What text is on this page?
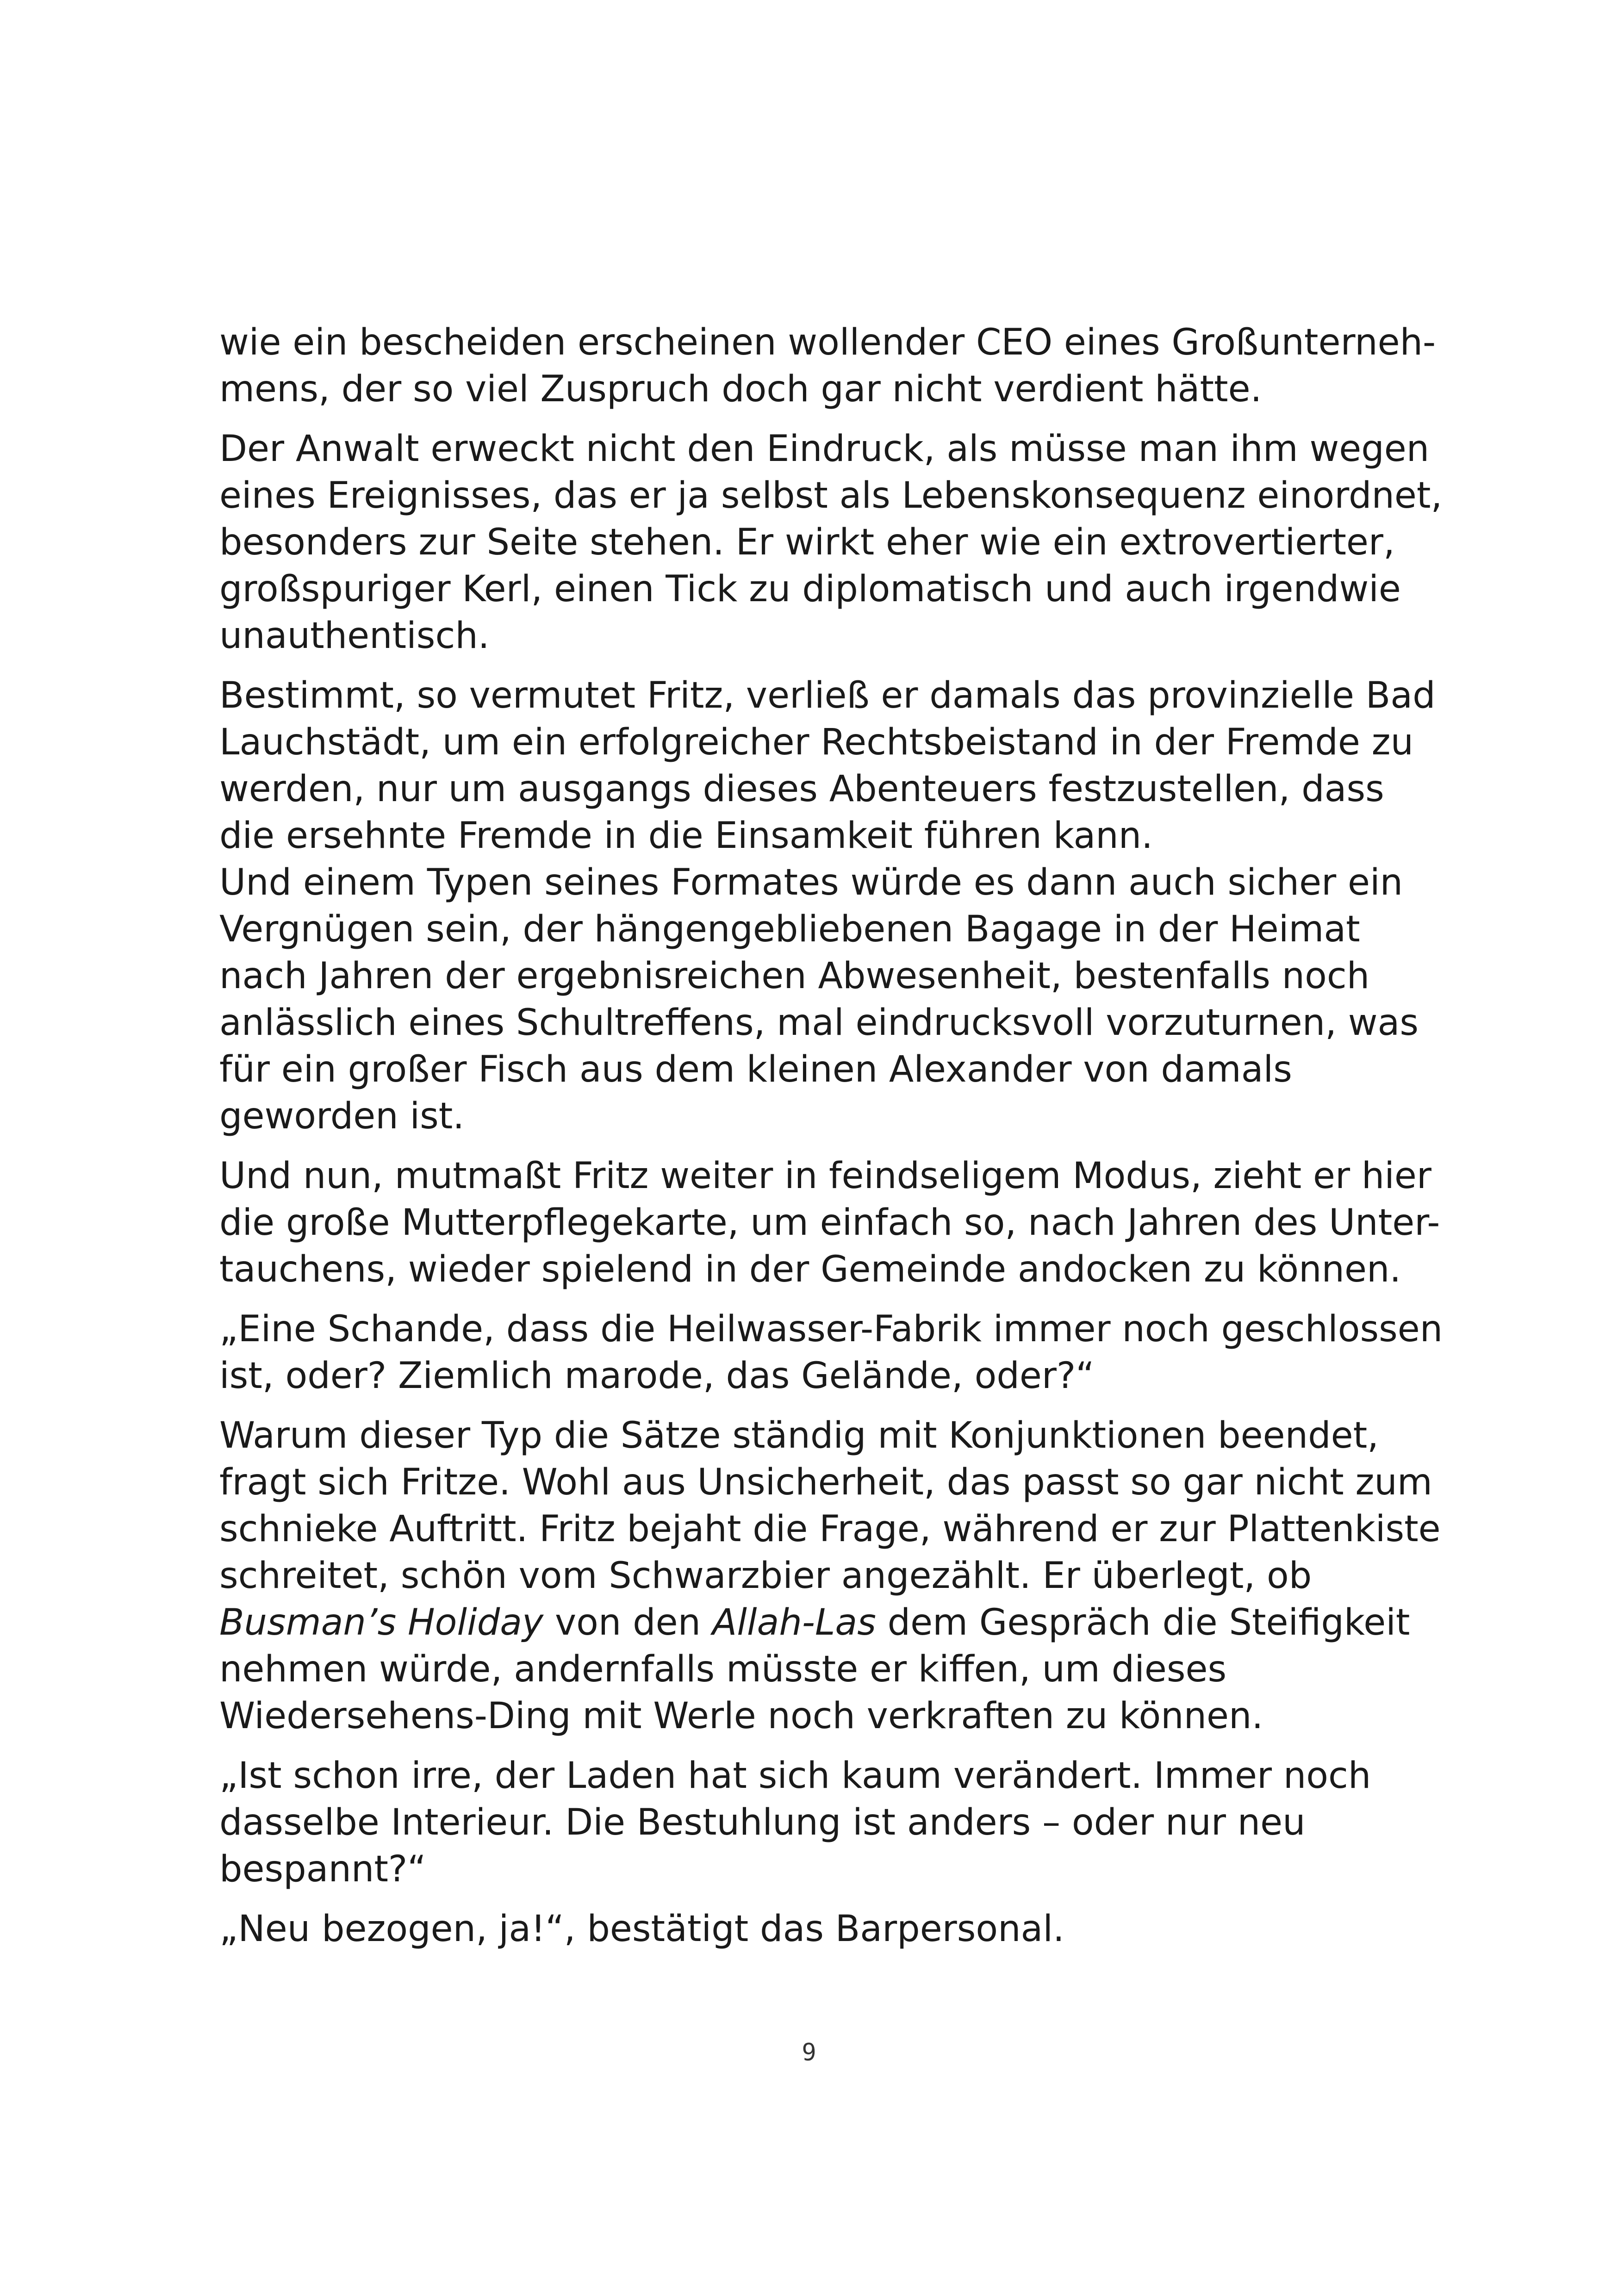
wie ein bescheiden erscheinen wollender CEO eines Großunterneh-
mens, der so viel Zuspruch doch gar nicht verdient hätte.

Der Anwalt erweckt nicht den Eindruck, als müsse man ihm wegen
eines Ereignisses, das er ja selbst als Lebenskonsequenz einordnet,
besonders zur Seite stehen. Er wirkt eher wie ein extrovertierter,
großspuriger Kerl, einen Tick zu diplomatisch und auch irgendwie
unauthentisch.

Bestimmt, so vermutet Fritz, verließ er damals das provinzielle Bad
Lauchstädt, um ein erfolgreicher Rechtsbeistand in der Fremde zu
werden, nur um ausgangs dieses Abenteuers festzustellen, dass
die ersehnte Fremde in die Einsamkeit führen kann.
Und einem Typen seines Formates würde es dann auch sicher ein
Vergnügen sein, der hängengebliebenen Bagage in der Heimat
nach Jahren der ergebnisreichen Abwesenheit, bestenfalls noch
anlässlich eines Schultreffens, mal eindrucksvoll vorzuturnen, was
für ein großer Fisch aus dem kleinen Alexander von damals
geworden ist.

Und nun, mutmaßt Fritz weiter in feindseligem Modus, zieht er hier
die große Mutterpflegekarte, um einfach so, nach Jahren des Unter-
tauchens, wieder spielend in der Gemeinde andocken zu können.

„Eine Schande, dass die Heilwasser-Fabrik immer noch geschlossen
ist, oder? Ziemlich marode, das Gelände, oder?“

Warum dieser Typ die Sätze ständig mit Konjunktionen beendet,
fragt sich Fritze. Wohl aus Unsicherheit, das passt so gar nicht zum
schnieke Auftritt. Fritz bejaht die Frage, während er zur Plattenkiste
schreitet, schön vom Schwarzbier angezählt. Er überlegt, ob
Busman’s Holiday von den Allah-Las dem Gespräch die Steifigkeit
nehmen würde, andernfalls müsste er kiffen, um dieses
Wiedersehens-Ding mit Werle noch verkraften zu können.

„Ist schon irre, der Laden hat sich kaum verändert. Immer noch
dasselbe Interieur. Die Bestuhlung ist anders – oder nur neu
bespannt?“

„Neu bezogen, ja!“, bestätigt das Barpersonal.

9
